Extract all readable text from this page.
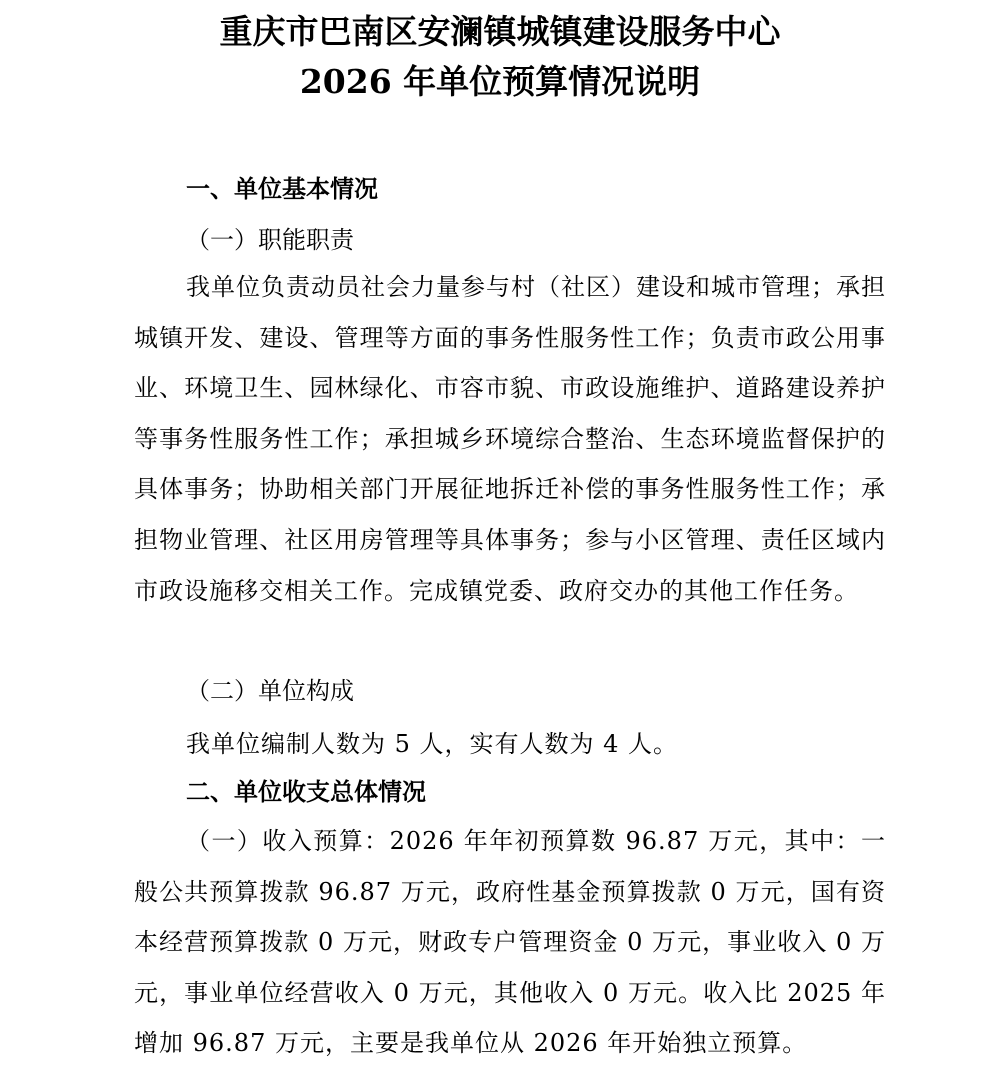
重庆市巴南区安澜镇城镇建设服务中心
2026 年单位预算情况说明
一、单位基本情况
（一）职能职责
我单位负责动员社会力量参与村（社区）建设和城市管理；承担城镇开发、建设、管理等方面的事务性服务性工作；负责市政公用事业、环境卫生、园林绿化、市容市貌、市政设施维护、道路建设养护等事务性服务性工作；承担城乡环境综合整治、生态环境监督保护的具体事务；协助相关部门开展征地拆迁补偿的事务性服务性工作；承担物业管理、社区用房管理等具体事务；参与小区管理、责任区域内市政设施移交相关工作。完成镇党委、政府交办的其他工作任务。
（二）单位构成
我单位编制人数为 5 人，实有人数为 4 人。
二、单位收支总体情况
（一）收入预算：2026 年年初预算数 96.87 万元，其中：一般公共预算拨款 96.87 万元，政府性基金预算拨款 0 万元，国有资本经营预算拨款 0 万元，财政专户管理资金 0 万元，事业收入 0 万元，事业单位经营收入 0 万元，其他收入 0 万元。收入比 2025 年增加 96.87 万元，主要是我单位从 2026 年开始独立预算。
